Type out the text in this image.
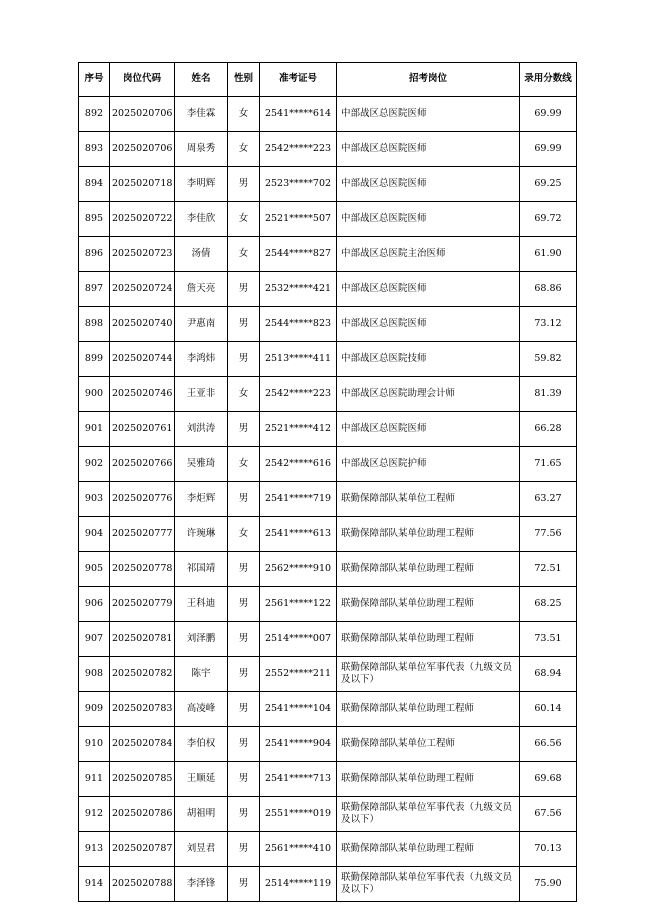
序号	岗位代码	姓名	性别	准考证号	招考岗位	录用分数线
892	2025020706	李佳霖	女	2541*****614	中部战区总医院医师	69.99
893	2025020706	周泉秀	女	2542*****223	中部战区总医院医师	69.99
894	2025020718	李明辉	男	2523*****702	中部战区总医院医师	69.25
895	2025020722	李佳欣	女	2521*****507	中部战区总医院医师	69.72
896	2025020723	汤倩	女	2544*****827	中部战区总医院主治医师	61.90
897	2025020724	詹天亮	男	2532*****421	中部战区总医院医师	68.86
898	2025020740	尹惠南	男	2544*****823	中部战区总医院医师	73.12
899	2025020744	李鸿炜	男	2513*****411	中部战区总医院技师	59.82
900	2025020746	王亚非	女	2542*****223	中部战区总医院助理会计师	81.39
901	2025020761	刘洪涛	男	2521*****412	中部战区总医院医师	66.28
902	2025020766	吴雅琦	女	2542*****616	中部战区总医院护师	71.65
903	2025020776	李炬辉	男	2541*****719	联勤保障部队某单位工程师	63.27
904	2025020777	许琬琳	女	2541*****613	联勤保障部队某单位助理工程师	77.56
905	2025020778	祁国靖	男	2562*****910	联勤保障部队某单位助理工程师	72.51
906	2025020779	王科迪	男	2561*****122	联勤保障部队某单位助理工程师	68.25
907	2025020781	刘泽鹏	男	2514*****007	联勤保障部队某单位助理工程师	73.51
908	2025020782	陈宇	男	2552*****211	联勤保障部队某单位军事代表（九级文员及以下）	68.94
909	2025020783	高凌峰	男	2541*****104	联勤保障部队某单位助理工程师	60.14
910	2025020784	李伯权	男	2541*****904	联勤保障部队某单位工程师	66.56
911	2025020785	王顺延	男	2541*****713	联勤保障部队某单位助理工程师	69.68
912	2025020786	胡祖明	男	2551*****019	联勤保障部队某单位军事代表（九级文员及以下）	67.56
913	2025020787	刘昱君	男	2561*****410	联勤保障部队某单位助理工程师	70.13
914	2025020788	李泽锋	男	2514*****119	联勤保障部队某单位军事代表（九级文员及以下）	75.90
